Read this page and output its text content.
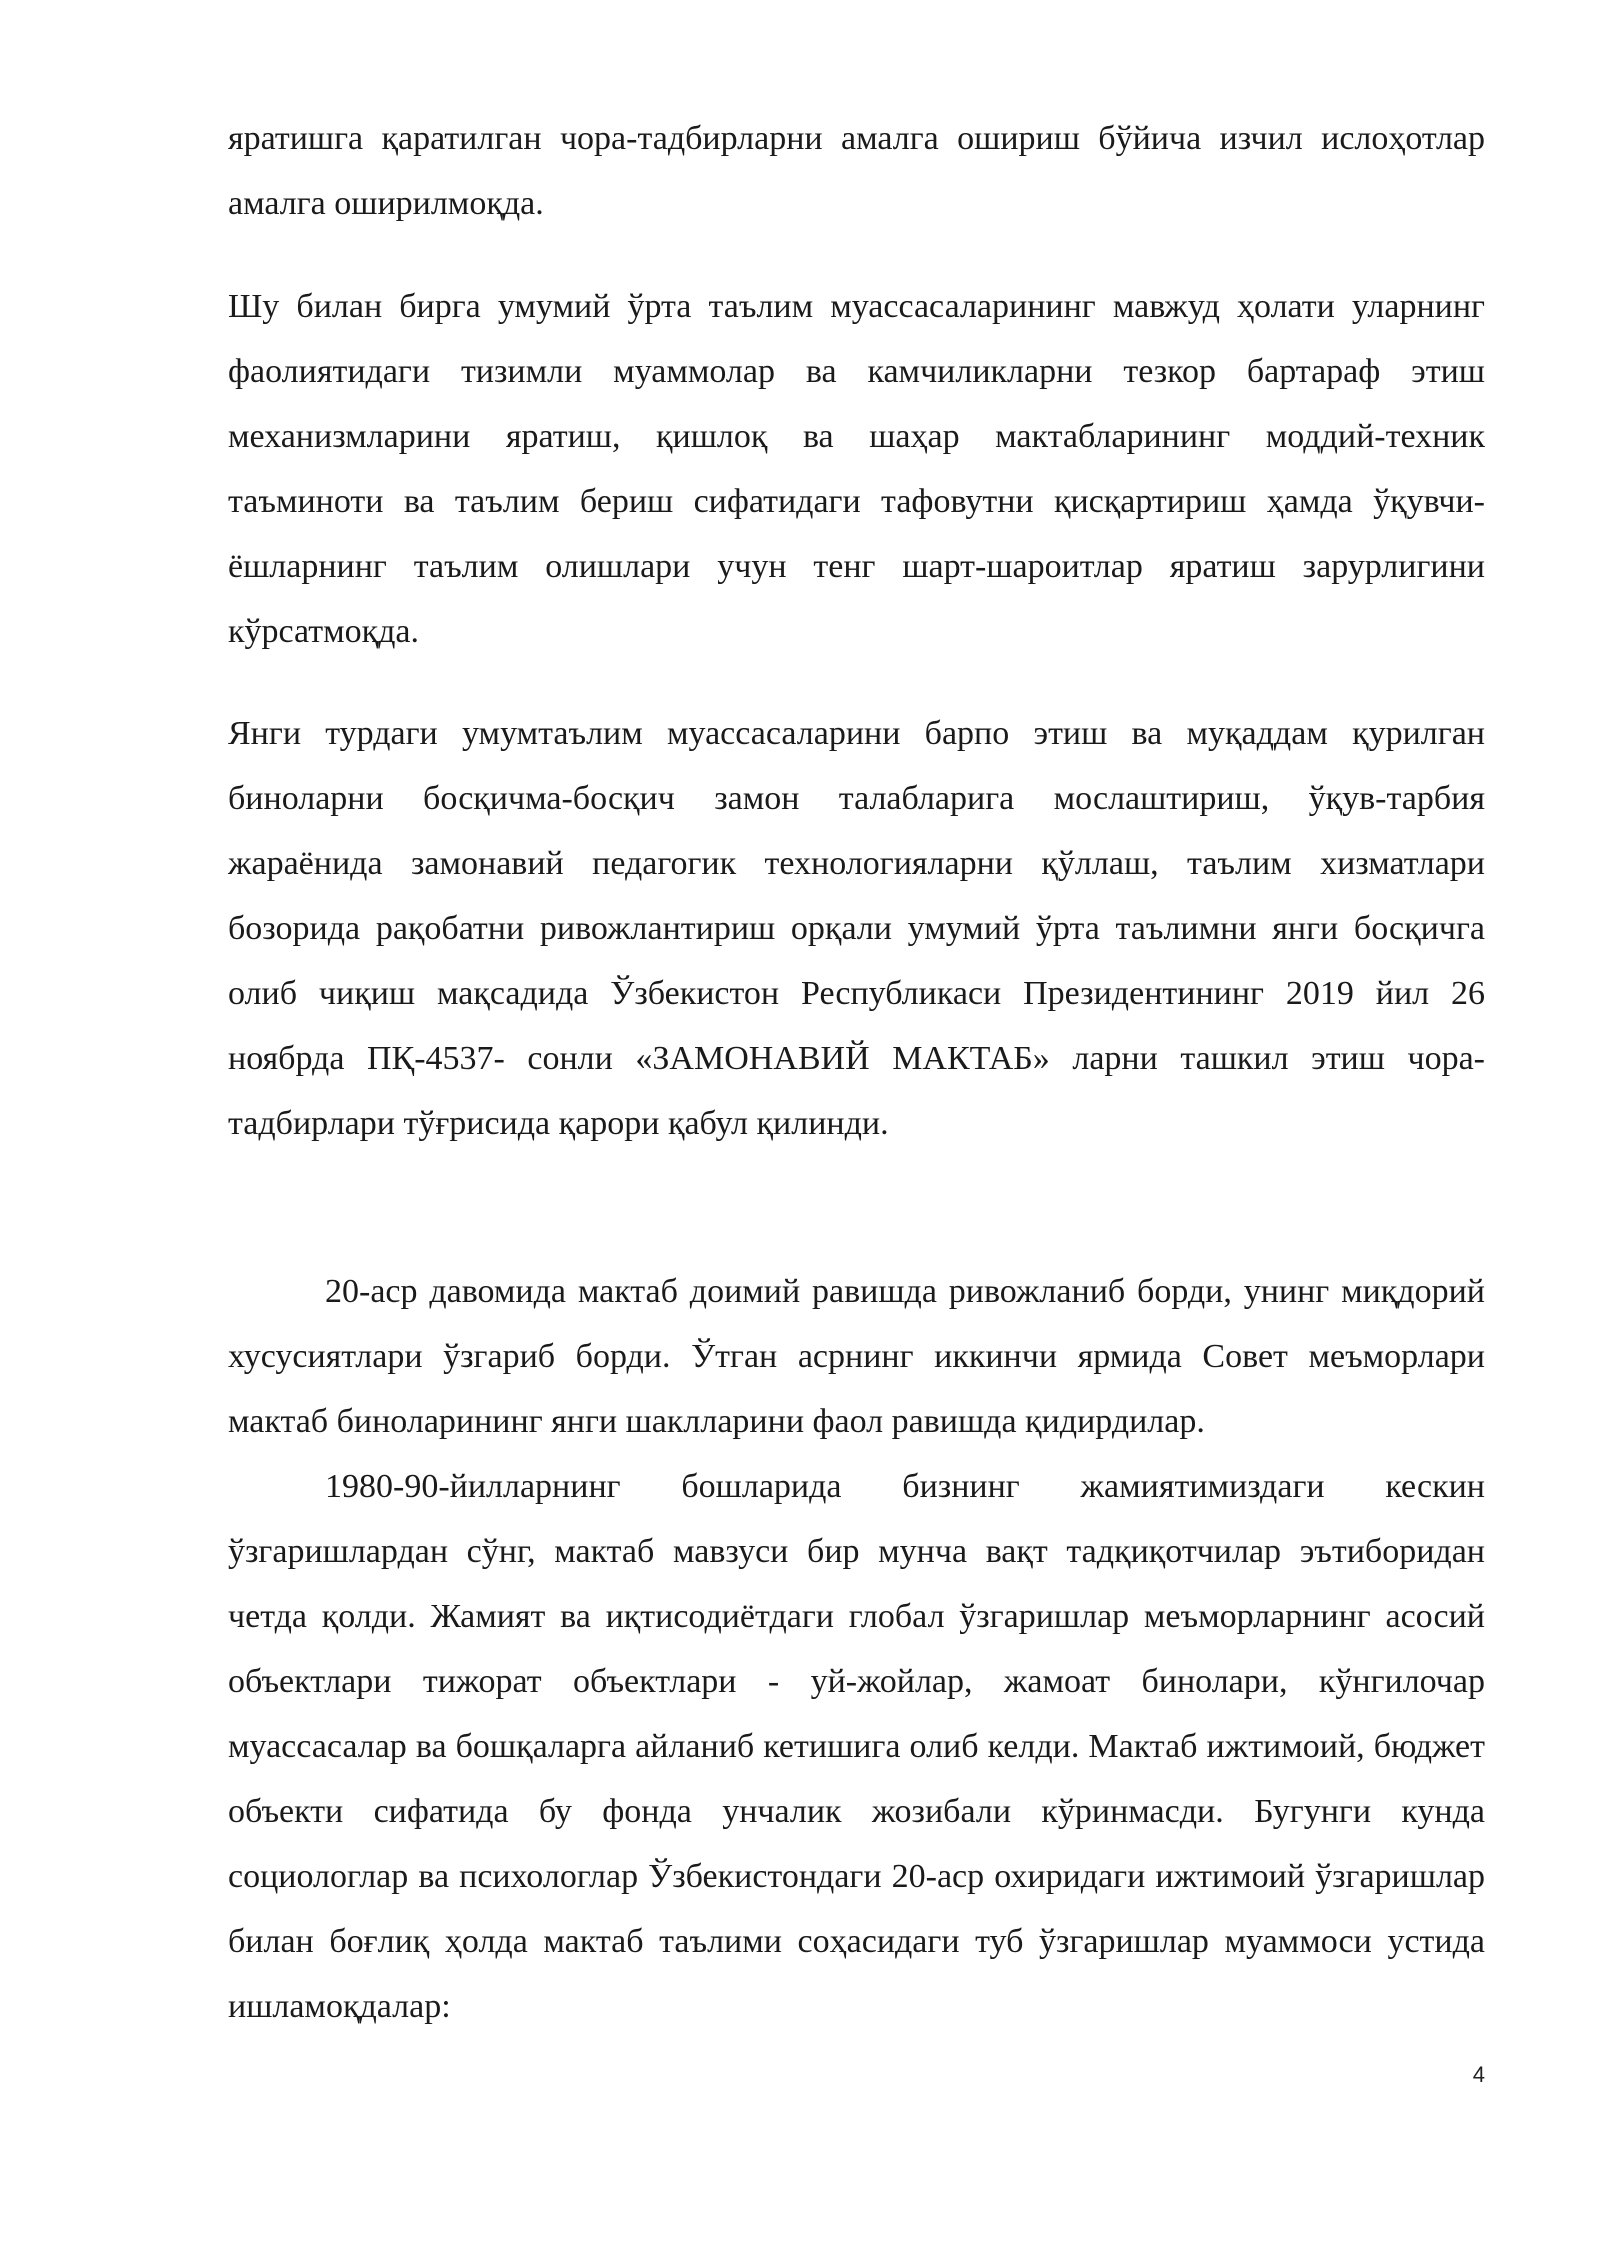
яратишга қаратилган чора-тадбирларни амалга ошириш бўйича изчил ислоҳотлар амалга оширилмоқда.

Шу билан бирга умумий ўрта таълим муассасаларининг мавжуд ҳолати уларнинг фаолиятидаги тизимли муаммолар ва камчиликларни тезкор бартараф этиш механизмларини яратиш, қишлоқ ва шаҳар мактабларининг моддий-техник таъминоти ва таълим бериш сифатидаги тафовутни қисқартириш ҳамда ўқувчи-ёшларнинг таълим олишлари учун тенг шарт-шароитлар яратиш зарурлигини кўрсатмоқда.

Янги турдаги умумтаълим муассасаларини барпо этиш ва муқаддам қурилган биноларни босқичма-босқич замон талабларига мослаштириш, ўқув-тарбия жараёнида замонавий педагогик технологияларни қўллаш, таълим хизматлари бозорида рақобатни ривожлантириш орқали умумий ўрта таълимни янги босқичга олиб чиқиш мақсадида Ўзбекистон Республикаси Президентининг 2019 йил 26 ноябрда ПҚ-4537- сонли «ЗАМОНАВИЙ МАКТАБ» ларни ташкил этиш чора-тадбирлари тўғрисида қарори қабул қилинди.

20-аср давомида мактаб доимий равишда ривожланиб борди, унинг миқдорий хусусиятлари ўзгариб борди. Ўтган асрнинг иккинчи ярмида Совет меъморлари мактаб биноларининг янги шаклларини фаол равишда қидирдилар.

1980-90-йилларнинг бошларида бизнинг жамиятимиздаги кескин ўзгаришлардан сўнг, мактаб мавзуси бир мунча вақт тадқиқотчилар эътиборидан четда қолди. Жамият ва иқтисодиётдаги глобал ўзгаришлар меъморларнинг асосий объектлари тижорат объектлари - уй-жойлар, жамоат бинолари, кўнгилочар муассасалар ва бошқаларга айланиб кетишига олиб келди. Мактаб ижтимоий, бюджет объекти сифатида бу фонда унчалик жозибали кўринмасди. Бугунги кунда социологлар ва психологлар Ўзбекистондаги 20-аср охиридаги ижтимоий ўзгаришлар билан боғлиқ ҳолда мактаб таълими соҳасидаги туб ўзгаришлар муаммоси устида ишламоқдалар:

4
